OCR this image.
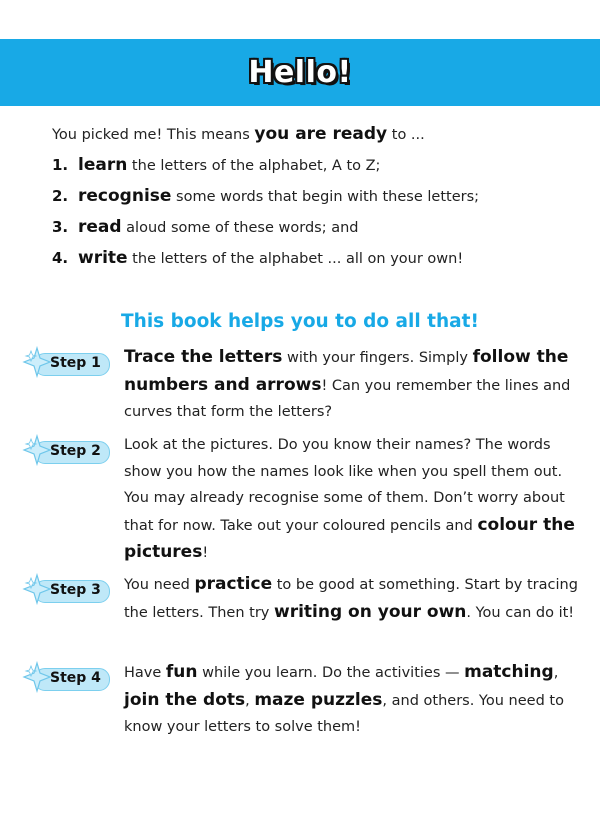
Hello!
You picked me! This means you are ready to ...
1. learn the letters of the alphabet, A to Z;
2. recognise some words that begin with these letters;
3. read aloud some of these words; and
4. write the letters of the alphabet ... all on your own!
This book helps you to do all that!
Step 1 Trace the letters with your fingers. Simply follow the numbers and arrows! Can you remember the lines and curves that form the letters?
Step 2 Look at the pictures. Do you know their names? The words show you how the names look like when you spell them out. You may already recognise some of them. Don’t worry about that for now. Take out your coloured pencils and colour the pictures!
Step 3 You need practice to be good at something. Start by tracing the letters. Then try writing on your own. You can do it!
Step 4 Have fun while you learn. Do the activities — matching, join the dots, maze puzzles, and others. You need to know your letters to solve them!
